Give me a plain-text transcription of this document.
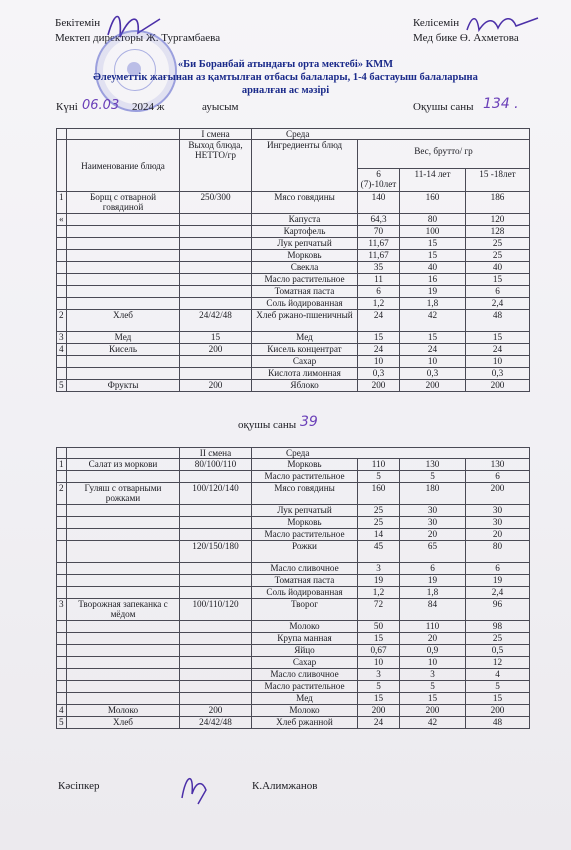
Бекітемін
Мектеп директоры Ж. Тургамбаева
Келісемін
Мед бике Ө. Ахметова
«Би Боранбай атындағы орта мектебі» КММ
Әлеуметтік жағынан аз қамтылған отбасы балалары, 1-4 бастауыш балаларына
арналған ас мәзірі
Күні 06.03 2024 ж	ауысым	Оқушы саны 134 .
		I смена	Среда			
	Наименование блюда	Выход блюда, НЕТТО/гр	Ингредиенты блюд	Вес, брутто/ гр		
				6 (7)-10лет	11-14 лет	15 -18лет
1	Борщ с отварной говядиной	250/300	Мясо говядины	140	160	186
«			Капуста	64,3	80	120
			Картофель	70	100	128
			Лук репчатый	11,67	15	25
			Морковь	11,67	15	25
			Свекла	35	40	40
			Масло растительное	11	16	15
			Томатная паста	6	19	6
			Соль йодированная	1,2	1,8	2,4
2	Хлеб	24/42/48	Хлеб ржано-пшеничный	24	42	48
3	Мед	15	Мед	15	15	15
4	Кисель	200	Кисель концентрат	24	24	24
			Сахар	10	10	10
			Кислота лимонная	0,3	0,3	0,3
5	Фрукты	200	Яблоко	200	200	200
оқушы саны 39
		II смена	Среда			
1	Салат из моркови	80/100/110	Морковь	110	130	130
			Масло растительное	5	5	6
2	Гуляш с отварными рожками	100/120/140	Мясо говядины	160	180	200
			Лук репчатый	25	30	30
			Морковь	25	30	30
			Масло растительное	14	20	20
		120/150/180	Рожки	45	65	80
			Масло сливочное	3	6	6
			Томатная паста	19	19	19
			Соль йодированная	1,2	1,8	2,4
3	Творожная запеканка с мёдом	100/110/120	Творог	72	84	96
			Молоко	50	110	98
			Крупа манная	15	20	25
			Яйцо	0,67	0,9	0,5
			Сахар	10	10	12
			Масло сливочное	3	3	4
			Масло растительное	5	5	5
			Мед	15	15	15
4	Молоко	200	Молоко	200	200	200
5	Хлеб	24/42/48	Хлеб ржанной	24	42	48
Кәсіпкер	К.Алимжанов
